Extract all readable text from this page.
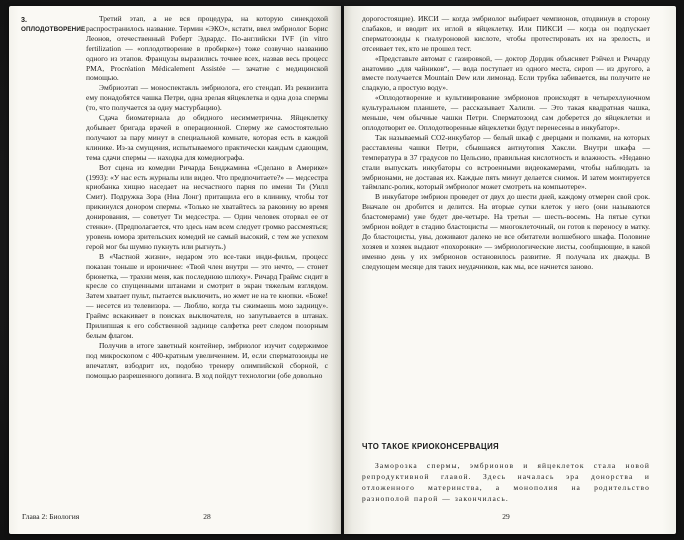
3.
ОПЛОДОТВОРЕНИЕ

Третий этап, а не вся процедура, на которую синекдохой распространилось название. Термин «ЭКО», кстати, ввел эмбриолог Борис Леонов, отечественный Роберт Эдвардс. По-английски IVF (in vitro fertilization — «оплодотворение в пробирке») тоже созвучно названию одного из этапов. Французы выразились точнее всех, назвав весь процесс PMA, Procréation Médicalement Assistée — зачатие с медицинской помощью.

Эмбриоэтап — моноспектакль эмбриолога, его стендап. Из реквизита ему понадобятся чашка Петри, одна зрелая яйцеклетка и одна доза спермы (то, что получается за одну мастурбацию).

Сдача биоматериала до обидного несимметрична. Яйцеклетку добывает бригада врачей в операционной. Сперму же самостоятельно получают за пару минут в специальной комнате, которая есть в каждой клинике. Из-за смущения, испытываемого практически каждым сдающим, тема сдачи спермы — находка для комедиографа.

Вот сцена из комедии Ричарда Бенджамина «Сделано в Америке» (1993): «У нас есть журналы или видео. Что предпочитаете?» — медсестра криобанка хищно наседает на несчастного парня по имени Ти (Уилл Смит). Подружка Зора (Ниа Лонг) притащила его в клинику, чтобы тот прикинулся донором спермы. «Только не хватайтесь за раковину во время донирования, — советует Ти медсестра. — Один человек оторвал ее от стенки». (Предполагается, что здесь нам всем следует громко рассмеяться; уровень юмора зрительских комедий не самый высокий, с тем же успехом герой мог бы шумно пукнуть или рыгнуть.)

В «Частной жизни», недаром это все-таки инди-фильм, процесс показан тоньше и ироничнее: «Твой член внутри — это нечто, — стонет брюнетка, — трахни меня, как последнюю шлюху». Ричард Граймс сидит в кресле со спущенными штанами и смотрит в экран тяжелым взглядом. Затем хватает пульт, пытается выключить, но жмет не на те кнопки. «Боже! — несется из телевизора. — Люблю, когда ты сжимаешь мою задницу». Граймс вскакивает в поисках выключателя, но запутывается в штанах. Прилипшая к его собственной заднице салфетка реет следом позорным белым флагом.

Получив в итоге заветный контейнер, эмбриолог изучит содержимое под микроскопом с 400-кратным увеличением. И, если сперматозоиды не впечатлят, взбодрит их, подобно тренеру олимпийской сборной, с помощью разрешенного допинга. В ход пойдут технологии (обе довольно

Глава 2: Биология	28

дорогостоящие). ИКСИ — когда эмбриолог выбирает чемпионов, отодвинув в сторону слабаков, и вводит их иглой в яйцеклетку. Или ПИКСИ — когда он подпускает сперматозоиды к гиалуроновой кислоте, чтобы протестировать их на зрелость, и отсеивает тех, кто не прошел тест.

«Представьте автомат с газировкой, — доктор Дордик объясняет Рэйчел и Ричарду анатомию „для чайников“, — вода поступает из одного места, сироп — из другого, а вместе получается Mountain Dew или лимонад. Если трубка забивается, вы получите не сладкую, а простую воду».

«Оплодотворение и культивирование эмбрионов происходят в четырехлуночном культуральном планшете, — рассказывает Халили. — Это такая квадратная чашка, меньше, чем обычные чашки Петри. Сперматозоид сам доберется до яйцеклетки и оплодотворит ее. Оплодотворенные яйцеклетки будут перенесены в инкубатор».

Так называемый СО2-инкубатор — белый шкаф с дверцами и полками, на которых расставлены чашки Петри, сбывшаяся антиутопия Хаксли. Внутри шкафа — температура в 37 градусов по Цельсию, правильная кислотность и влажность. «Недавно стали выпускать инкубаторы со встроенными видеокамерами, чтобы наблюдать за эмбрионами, не доставая их. Каждые пять минут делается снимок. И затем монтируется таймлапс-ролик, который эмбриолог может смотреть на компьютере».

В инкубаторе эмбрион проведет от двух до шести дней, каждому отмерен свой срок. Вначале он дробится и делится. На вторые сутки клеток у него (они называются бластомерами) уже будет две-четыре. На третьи — шесть-восемь. На пятые сутки эмбрион войдет в стадию бластоцисты — многоклеточный, он готов к переносу в матку. До бластоцисты, увы, доживают далеко не все обитатели волшебного шкафа. Половине хозяев и хозяек выдают «похоронки» — эмбриологические листы, сообщающие, в какой именно день у их эмбрионов остановилось развитие. Я получала их дважды. В следующем месяце для таких неудачников, как мы, все начнется заново.

ЧТО ТАКОЕ КРИОКОНСЕРВАЦИЯ

Заморозка спермы, эмбрионов и яйцеклеток стала новой репродуктивной главой. Здесь началась эра донорства и отложенного материнства, а монополия на родительство разнополой парой — закончилась.

29
